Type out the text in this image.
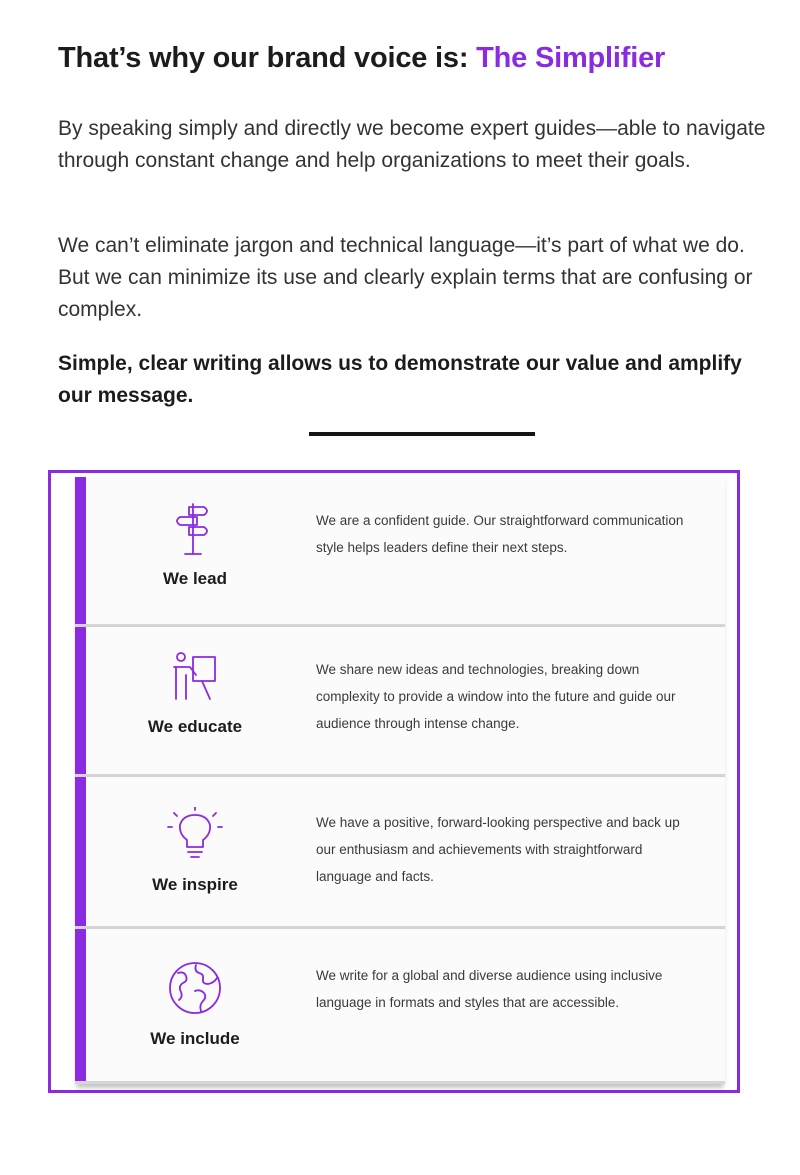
That’s why our brand voice is: The Simplifier

By speaking simply and directly we become expert guides—able to navigate through constant change and help organizations to meet their goals.

We can’t eliminate jargon and technical language—it’s part of what we do. But we can minimize its use and clearly explain terms that are confusing or complex.

Simple, clear writing allows us to demonstrate our value and amplify our message.

We lead

We are a confident guide. Our straightforward communication style helps leaders define their next steps.

We educate

We share new ideas and technologies, breaking down complexity to provide a window into the future and guide our audience through intense change.

We inspire

We have a positive, forward-looking perspective and back up our enthusiasm and achievements with straightforward language and facts.

We include

We write for a global and diverse audience using inclusive language in formats and styles that are accessible.
